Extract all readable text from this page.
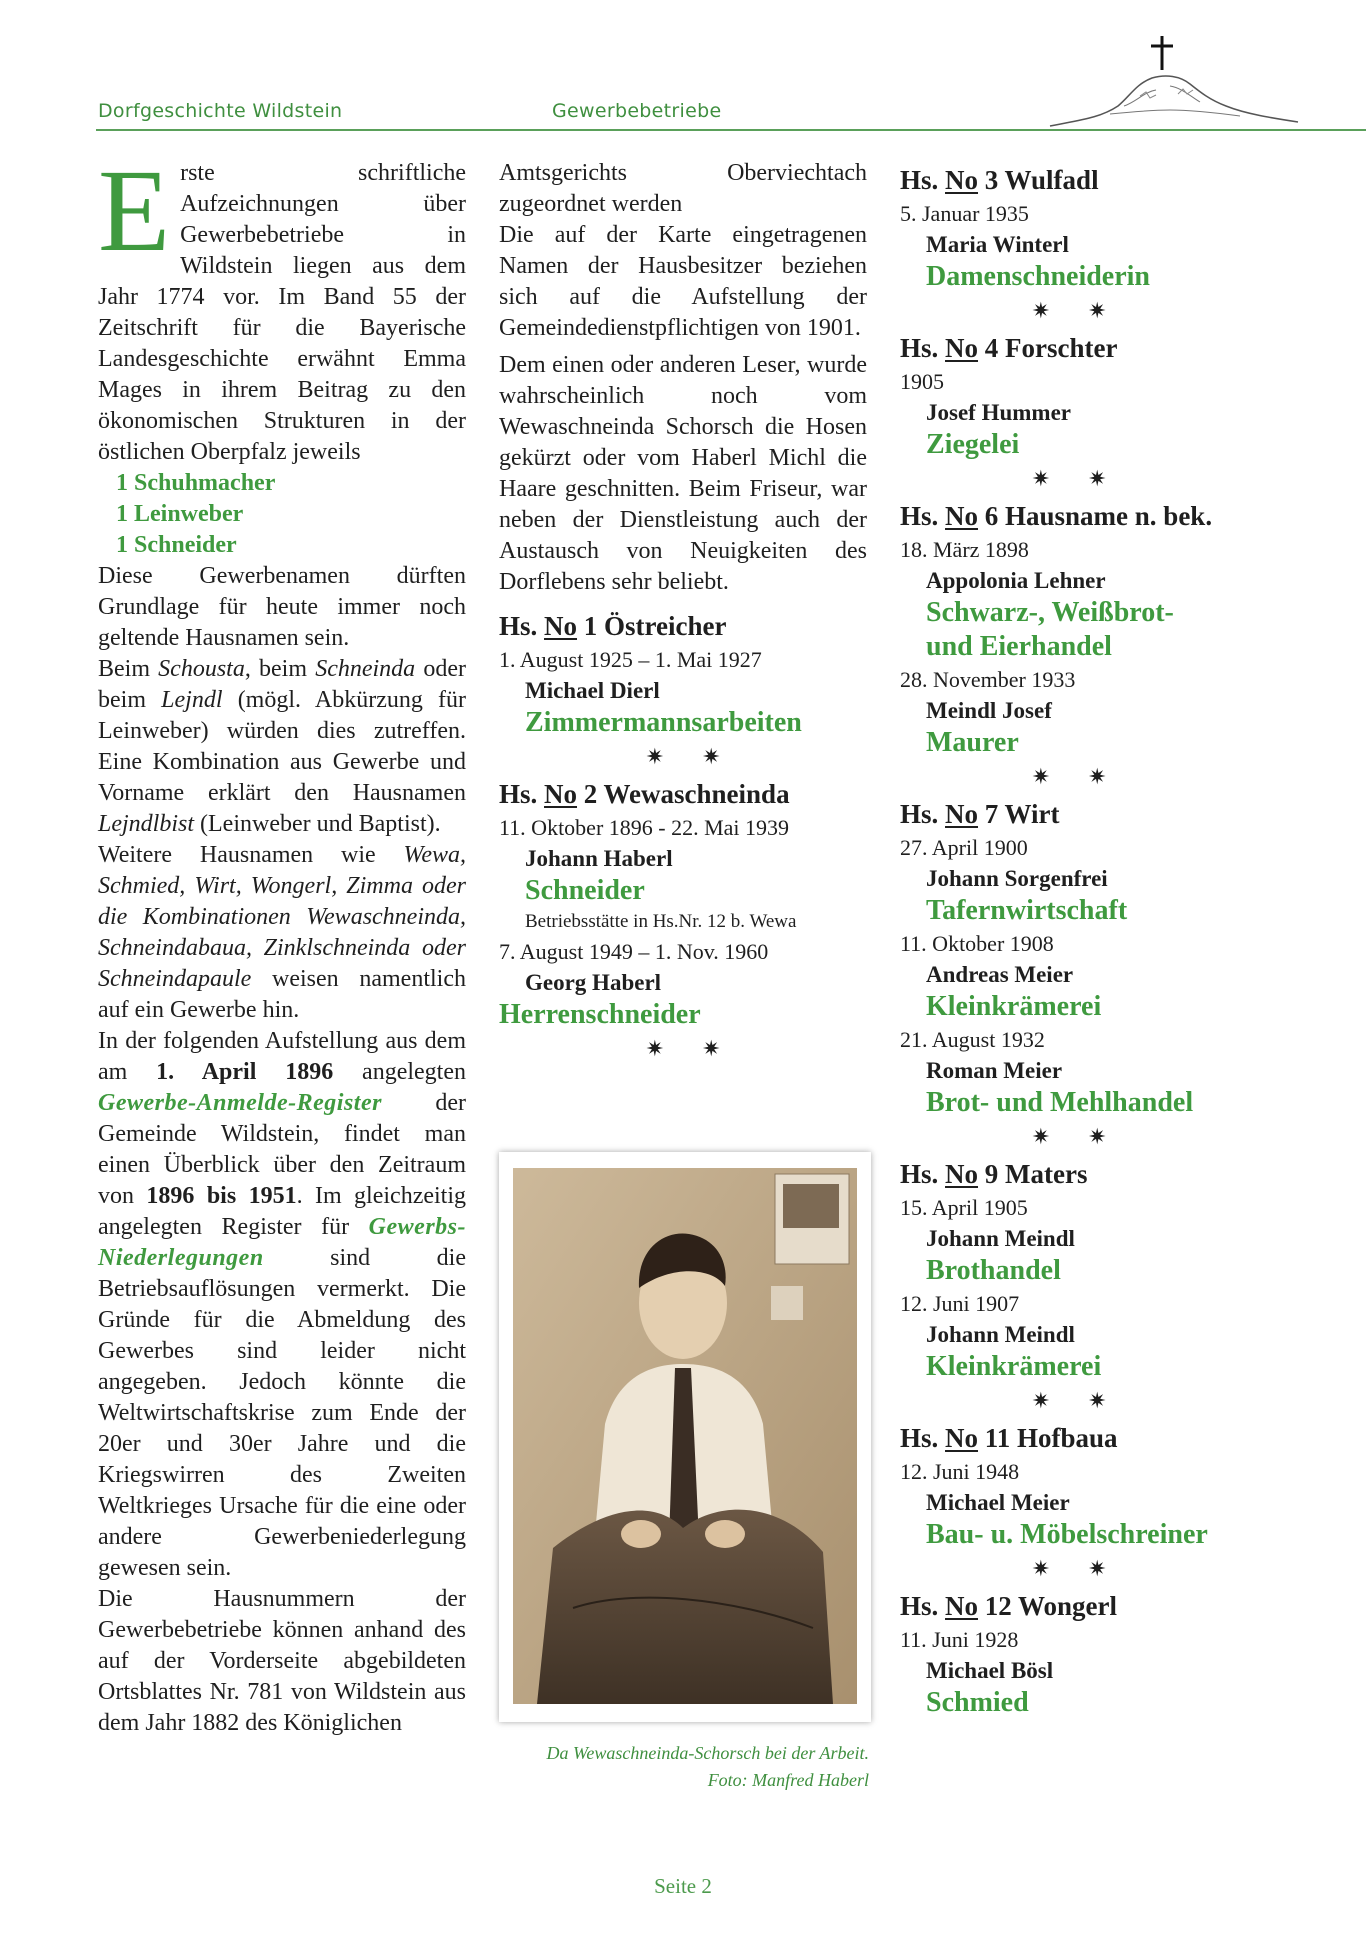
Dorfgeschichte Wildstein	Gewerbebetriebe

Erste schriftliche Aufzeichnungen über Gewerbebetriebe in Wildstein liegen aus dem Jahr 1774 vor. Im Band 55 der Zeitschrift für die Bayerische Landesgeschichte erwähnt Emma Mages in ihrem Beitrag zu den ökonomischen Strukturen in der östlichen Oberpfalz jeweils

1 Schuhmacher
1 Leinweber
1 Schneider

Diese Gewerbenamen dürften Grundlage für heute immer noch geltende Hausnamen sein.

Beim Schousta, beim Schneinda oder beim Lejndl (mögl. Abkürzung für Leinweber) würden dies zutreffen. Eine Kombination aus Gewerbe und Vorname erklärt den Hausnamen Lejndlbist (Leinweber und Baptist).

Weitere Hausnamen wie Wewa, Schmied, Wirt, Wongerl, Zimma oder die Kombinationen Wewaschneinda, Schneindabaua, Zinklschneinda oder Schneindapaule weisen namentlich auf ein Gewerbe hin.

In der folgenden Aufstellung aus dem am 1. April 1896 angelegten Gewerbe-Anmelde-Register der Gemeinde Wildstein, findet man einen Überblick über den Zeitraum von 1896 bis 1951. Im gleichzeitig angelegten Register für Gewerbs-Niederlegungen sind die Betriebsauflösungen vermerkt. Die Gründe für die Abmeldung des Gewerbes sind leider nicht angegeben. Jedoch könnte die Weltwirtschaftskrise zum Ende der 20er und 30er Jahre und die Kriegswirren des Zweiten Weltkrieges Ursache für die eine oder andere Gewerbeniederlegung gewesen sein.

Die Hausnummern der Gewerbebetriebe können anhand des auf der Vorderseite abgebildeten Ortsblattes Nr. 781 von Wildstein aus dem Jahr 1882 des Königlichen

Amtsgerichts Oberviechtach zugeordnet werden

Die auf der Karte eingetragenen Namen der Hausbesitzer beziehen sich auf die Aufstellung der Gemeindedienstpflichtigen von 1901.

Dem einen oder anderen Leser, wurde wahrscheinlich noch vom Wewaschneinda Schorsch die Hosen gekürzt oder vom Haberl Michl die Haare geschnitten. Beim Friseur, war neben der Dienstleistung auch der Austausch von Neuigkeiten des Dorflebens sehr beliebt.

Hs. No 1 Östreicher

1. August 1925 – 1. Mai 1927

Michael Dierl

Zimmermannsarbeiten

✷✷

Hs. No 2 Wewaschneinda

11. Oktober 1896 - 22. Mai 1939

Johann Haberl

Schneider

Betriebsstätte in Hs.Nr. 12 b. Wewa

7. August 1949 – 1. Nov. 1960

Georg Haberl

Herrenschneider

✷✷

Da Wewaschneinda-Schorsch bei der Arbeit.
Foto: Manfred Haberl

Hs. No 3 Wulfadl

5. Januar 1935

Maria Winterl

Damenschneiderin

✷✷

Hs. No 4 Forschter

1905

Josef Hummer

Ziegelei

✷✷

Hs. No 6 Hausname n. bek.

18. März 1898

Appolonia Lehner

Schwarz-, Weißbrot-

und Eierhandel

28. November 1933

Meindl Josef

Maurer

✷✷

Hs. No 7 Wirt

27. April 1900

Johann Sorgenfrei

Tafernwirtschaft

11. Oktober 1908

Andreas Meier

Kleinkrämerei

21. August 1932

Roman Meier

Brot- und Mehlhandel

✷✷

Hs. No 9 Maters

15. April 1905

Johann Meindl

Brothandel

12. Juni 1907

Johann Meindl

Kleinkrämerei

✷✷

Hs. No 11 Hofbaua

12. Juni 1948

Michael Meier

Bau- u. Möbelschreiner

✷✷

Hs. No 12 Wongerl

11. Juni 1928

Michael Bösl

Schmied

Seite 2
